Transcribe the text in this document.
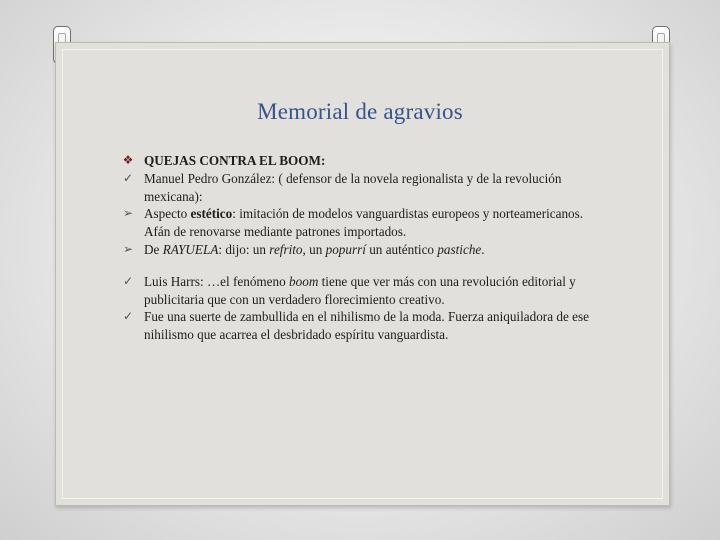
Memorial de agravios
❖ QUEJAS CONTRA EL BOOM:
✓ Manuel Pedro González: ( defensor de la novela regionalista y de la revolución mexicana):
➢ Aspecto estético: imitación de modelos vanguardistas europeos y norteamericanos. Afán de renovarse mediante patrones importados.
➢ De RAYUELA: dijo: un refrito, un popurrí un auténtico pastiche.
✓ Luis Harrs: …el fenómeno boom tiene que ver más con una revolución editorial y publicitaria que con un verdadero florecimiento creativo.
✓ Fue una suerte de zambullida en el nihilismo de la moda. Fuerza aniquiladora de ese nihilismo que acarrea el desbridado espíritu vanguardista.
